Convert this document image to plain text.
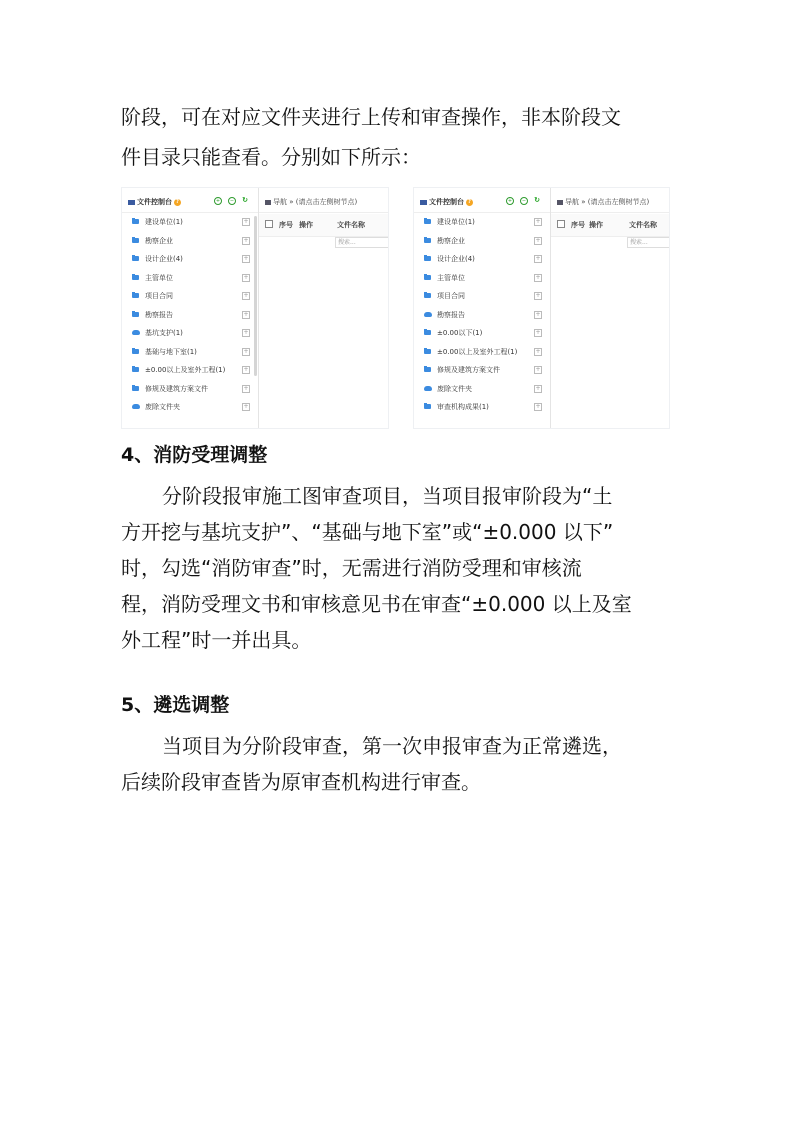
阶段，可在对应文件夹进行上传和审查操作，非本阶段文
件目录只能查看。分别如下所示：
文件控制台 ?	+ − ↻
建设单位(1)	+
勘察企业	+
设计企业(4)	+
主管单位	+
项目合同	+
勘察报告	+
基坑支护(1)	+
基础与地下室(1)	+
±0.00以上及室外工程(1)	+
修规及建筑方案文件	+
废除文件夹	+
导航 » (请点击左侧树节点)
序号 操作	文件名称
搜索...
文件控制台 ?	+ − ↻
建设单位(1)	+
勘察企业	+
设计企业(4)	+
主管单位	+
项目合同	+
勘察报告	+
±0.00以下(1)	+
±0.00以上及室外工程(1)	+
修规及建筑方案文件	+
废除文件夹	+
审查机构成果(1)	+
导航 » (请点击左侧树节点)
序号 操作	文件名称
搜索...
4、消防受理调整
分阶段报审施工图审查项目，当项目报审阶段为“土
方开挖与基坑支护”、“基础与地下室”或“±0.000 以下”
时，勾选“消防审查”时，无需进行消防受理和审核流
程，消防受理文书和审核意见书在审查“±0.000 以上及室
外工程”时一并出具。
5、遴选调整
当项目为分阶段审查，第一次申报审查为正常遴选，
后续阶段审查皆为原审查机构进行审查。
